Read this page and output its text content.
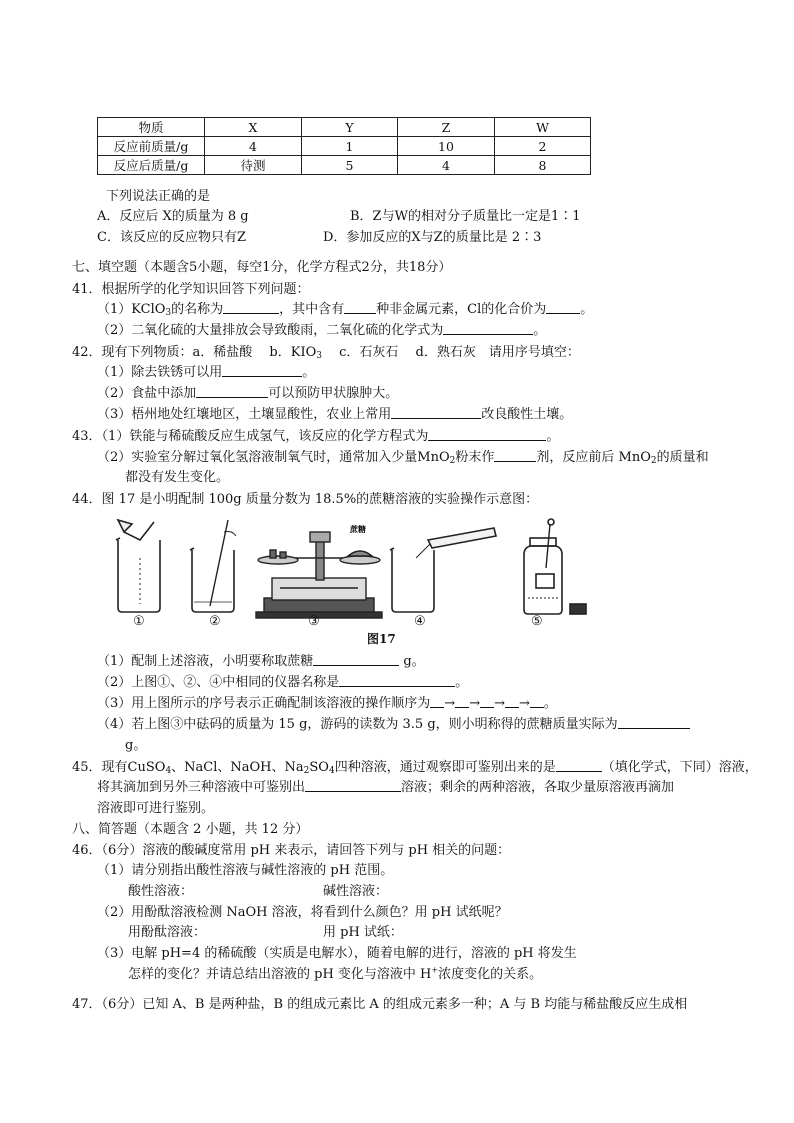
物质	X	Y	Z	W
反应前质量/g	4	1	10	2
反应后质量/g	待测	5	4	8
下列说法正确的是
A．反应后 X的质量为 8 g	B．Z与W的相对分子质量比一定是1∶1
C．该反应的反应物只有Z	D．参加反应的X与Z的质量比是 2∶3
七、填空题（本题含5小题，每空1分，化学方程式2分，共18分）
41．根据所学的化学知识回答下列问题：
（1）KClO$_3$的名称为	，其中含有 种非金属元素，Cl的化合价为	。
（2）二氧化硫的大量排放会导致酸雨，二氧化硫的化学式为	。
42．现有下列物质：a．稀盐酸　 b．$KIO_3$　 c．石灰石　 d．熟石灰　请用序号填空：
（1）除去铁锈可以用	。
（2）食盐中添加	可以预防甲状腺肿大。
（3）梧州地处红壤地区，土壤显酸性，农业上常用	改良酸性土壤。
43．（1）铁能与稀硫酸反应生成氢气，该反应的化学方程式为	。
（2）实验室分解过氧化氢溶液制氧气时，通常加入少量MnO$_2$粉末作	剂，反应前后 MnO$_2$的质量和
都没有发生变化。
44．图 17 是小明配制 100g 质量分数为 18.5%的蔗糖溶液的实验操作示意图：
蔗糖
①	②	③	④	⑤
图17
（1）配制上述溶液，小明要称取蔗糖	g。
（2）上图①、②、④中相同的仪器名称是	。
（3）用上图所示的序号表示正确配制该溶液的操作顺序为 → → → → 。
（4）若上图③中砝码的质量为 15 g，游码的读数为 3.5 g，则小明称得的蔗糖质量实际为
g。
45．现有CuSO$_4$、NaCl、NaOH、$Na_2SO_4$四种溶液，通过观察即可鉴别出来的是	（填化学式，下同）溶液，
将其滴加到另外三种溶液中可鉴别出	溶液；剩余的两种溶液，各取少量原溶液再滴加
溶液即可进行鉴别。
八、简答题（本题含 2 小题，共 12 分）
46．（6分）溶液的酸碱度常用 pH 来表示，请回答下列与 pH 相关的问题：
（1）请分别指出酸性溶液与碱性溶液的 pH 范围。
酸性溶液：	碱性溶液：
（2）用酚酞溶液检测 NaOH 溶液，将看到什么颜色？用 pH 试纸呢？
用酚酞溶液：	用 pH 试纸：
（3）电解 pH=4 的稀硫酸（实质是电解水），随着电解的进行，溶液的 pH 将发生
怎样的变化？并请总结出溶液的 pH 变化与溶液中 H+浓度变化的关系。
47．（6分）已知 A、B 是两种盐，B 的组成元素比 A 的组成元素多一种；A 与 B 均能与稀盐酸反应生成相
